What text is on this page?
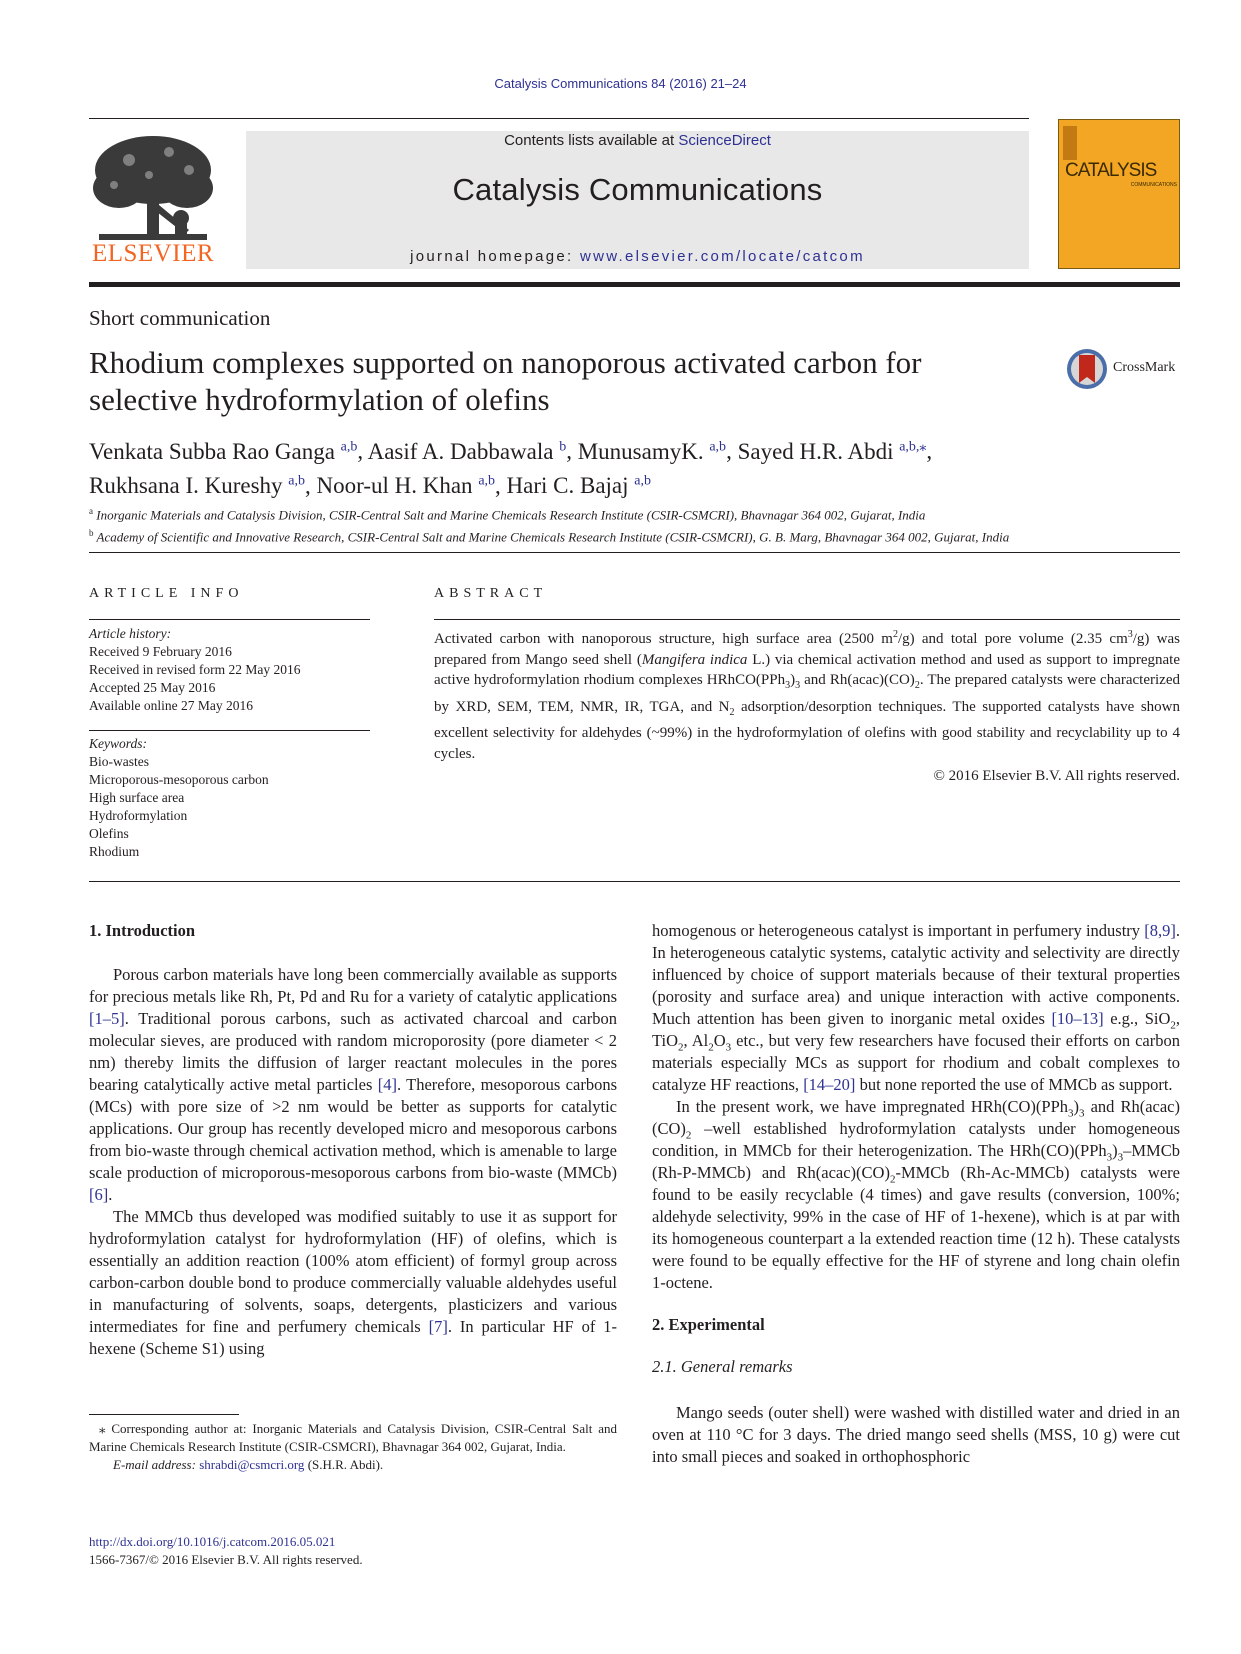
Catalysis Communications 84 (2016) 21–24
ELSEVIER
Contents lists available at ScienceDirect
Catalysis Communications
journal homepage: www.elsevier.com/locate/catcom
CATALYSIS
COMMUNICATIONS
Short communication
Rhodium complexes supported on nanoporous activated carbon for selective hydroformylation of olefins
CrossMark
Venkata Subba Rao Ganga $^{a,b}$, Aasif A. Dabbawala $^b$, MunusamyK. $^{a,b}$, Sayed H.R. Abdi $^{a,b,⁎}$,
Rukhsana I. Kureshy $^{a,b}$, Noor-ul H. Khan $^{a,b}$, Hari C. Bajaj $^{a,b}$
$^a$ Inorganic Materials and Catalysis Division, CSIR-Central Salt and Marine Chemicals Research Institute (CSIR-CSMCRI), Bhavnagar 364 002, Gujarat, India
$^b$ Academy of Scientific and Innovative Research, CSIR-Central Salt and Marine Chemicals Research Institute (CSIR-CSMCRI), G. B. Marg, Bhavnagar 364 002, Gujarat, India
ARTICLE INFO	ABSTRACT
Article history:
Received 9 February 2016
Received in revised form 22 May 2016
Accepted 25 May 2016
Available online 27 May 2016
Keywords:
Bio-wastes
Microporous-mesoporous carbon
High surface area
Hydroformylation
Olefins
Rhodium
Activated carbon with nanoporous structure, high surface area (2500 $m^2/g$) and total pore volume (2.35 $cm^3/g$) was prepared from Mango seed shell (Mangifera indica L.) via chemical activation method and used as support to impregnate active hydroformylation rhodium complexes $HRhCO(PPh_3)_3$ and $Rh(acac)(CO)_2$. The prepared catalysts were characterized by XRD, SEM, TEM, NMR, IR, TGA, and $N_2$ adsorption/desorption techniques. The supported catalysts have shown excellent selectivity for aldehydes (~99%) in the hydroformylation of olefins with good stability and recyclability up to 4 cycles.
© 2016 Elsevier B.V. All rights reserved.
1. Introduction

Porous carbon materials have long been commercially available as supports for precious metals like Rh, Pt, Pd and Ru for a variety of catalytic applications [1–5]. Traditional porous carbons, such as activated charcoal and carbon molecular sieves, are produced with random microporosity (pore diameter < 2 nm) thereby limits the diffusion of larger reactant molecules in the pores bearing catalytically active metal particles [4]. Therefore, mesoporous carbons (MCs) with pore size of >2 nm would be better as supports for catalytic applications. Our group has recently developed micro and mesoporous carbons from bio-waste through chemical activation method, which is amenable to large scale production of microporous-mesoporous carbons from bio-waste (MMCb) [6].

The MMCb thus developed was modified suitably to use it as support for hydroformylation catalyst for hydroformylation (HF) of olefins, which is essentially an addition reaction (100% atom efficient) of formyl group across carbon-carbon double bond to produce commercially valuable aldehydes useful in manufacturing of solvents, soaps, detergents, plasticizers and various intermediates for fine and perfumery chemicals [7]. In particular HF of 1-hexene (Scheme S1) using

⁎ Corresponding author at: Inorganic Materials and Catalysis Division, CSIR-Central Salt and Marine Chemicals Research Institute (CSIR-CSMCRI), Bhavnagar 364 002, Gujarat, India.
E-mail address: shrabdi@csmcri.org (S.H.R. Abdi).
http://dx.doi.org/10.1016/j.catcom.2016.05.021
1566-7367/© 2016 Elsevier B.V. All rights reserved.

homogenous or heterogeneous catalyst is important in perfumery industry [8,9]. In heterogeneous catalytic systems, catalytic activity and selectivity are directly influenced by choice of support materials because of their textural properties (porosity and surface area) and unique interaction with active components. Much attention has been given to inorganic metal oxides [10–13] e.g., SiO$_2$, TiO$_2$, $Al_2O_3$ etc., but very few researchers have focused their efforts on carbon materials especially MCs as support for rhodium and cobalt complexes to catalyze HF reactions, [14–20] but none reported the use of MMCb as support.

In the present work, we have impregnated $HRh(CO)(PPh_3)_3$ and $Rh(acac)(CO)_2$ –well established hydroformylation catalysts under homogeneous condition, in MMCb for their heterogenization. The $HRh(CO)(PPh_3)_3$–MMCb (Rh-P-MMCb) and $Rh(acac)(CO)_2$-MMCb (Rh-Ac-MMCb) catalysts were found to be easily recyclable (4 times) and gave results (conversion, 100%; aldehyde selectivity, 99% in the case of HF of 1-hexene), which is at par with its homogeneous counterpart a la extended reaction time (12 h). These catalysts were found to be equally effective for the HF of styrene and long chain olefin 1-octene.

2. Experimental
2.1. General remarks

Mango seeds (outer shell) were washed with distilled water and dried in an oven at 110 °C for 3 days. The dried mango seed shells (MSS, 10 g) were cut into small pieces and soaked in orthophosphoric
